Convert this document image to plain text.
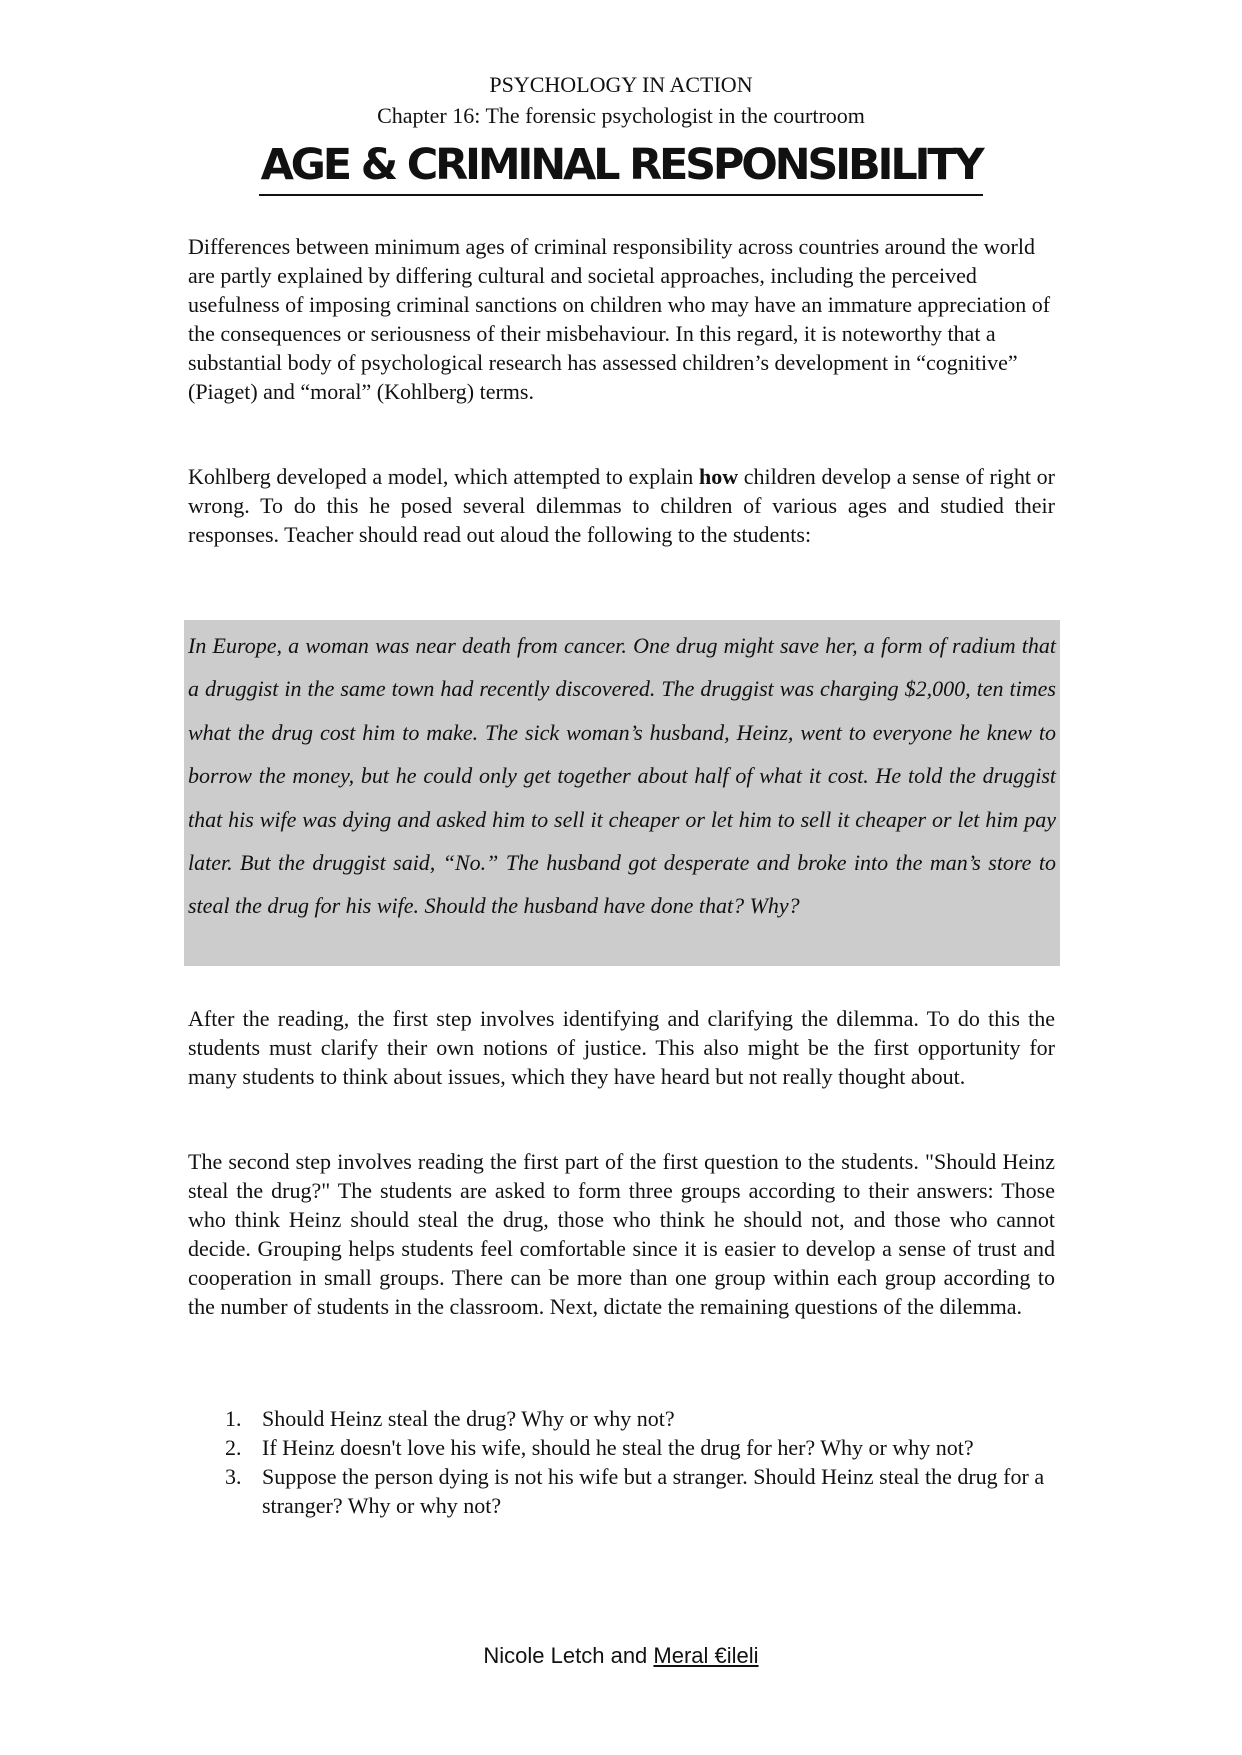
PSYCHOLOGY IN ACTION
Chapter 16: The forensic psychologist in the courtroom
AGE & CRIMINAL RESPONSIBILITY

Differences between minimum ages of criminal responsibility across countries around the world are partly explained by differing cultural and societal approaches, including the perceived usefulness of imposing criminal sanctions on children who may have an immature appreciation of the consequences or seriousness of their misbehaviour. In this regard, it is noteworthy that a substantial body of psychological research has assessed children’s development in “cognitive” (Piaget) and “moral” (Kohlberg) terms.

Kohlberg developed a model, which attempted to explain how children develop a sense of right or wrong. To do this he posed several dilemmas to children of various ages and studied their responses. Teacher should read out aloud the following to the students:

In Europe, a woman was near death from cancer. One drug might save her, a form of radium that a druggist in the same town had recently discovered. The druggist was charging $2,000, ten times what the drug cost him to make. The sick woman’s husband, Heinz, went to everyone he knew to borrow the money, but he could only get together about half of what it cost. He told the druggist that his wife was dying and asked him to sell it cheaper or let him to sell it cheaper or let him pay later. But the druggist said, “No.” The husband got desperate and broke into the man’s store to steal the drug for his wife. Should the husband have done that? Why?

After the reading, the first step involves identifying and clarifying the dilemma. To do this the students must clarify their own notions of justice. This also might be the first opportunity for many students to think about issues, which they have heard but not really thought about.

The second step involves reading the first part of the first question to the students. "Should Heinz steal the drug?" The students are asked to form three groups according to their answers: Those who think Heinz should steal the drug, those who think he should not, and those who cannot decide. Grouping helps students feel comfortable since it is easier to develop a sense of trust and cooperation in small groups. There can be more than one group within each group according to the number of students in the classroom. Next, dictate the remaining questions of the dilemma.

1. Should Heinz steal the drug? Why or why not?
2. If Heinz doesn't love his wife, should he steal the drug for her? Why or why not?
3. Suppose the person dying is not his wife but a stranger. Should Heinz steal the drug for a stranger? Why or why not?
Nicole Letch and Meral €ileli
